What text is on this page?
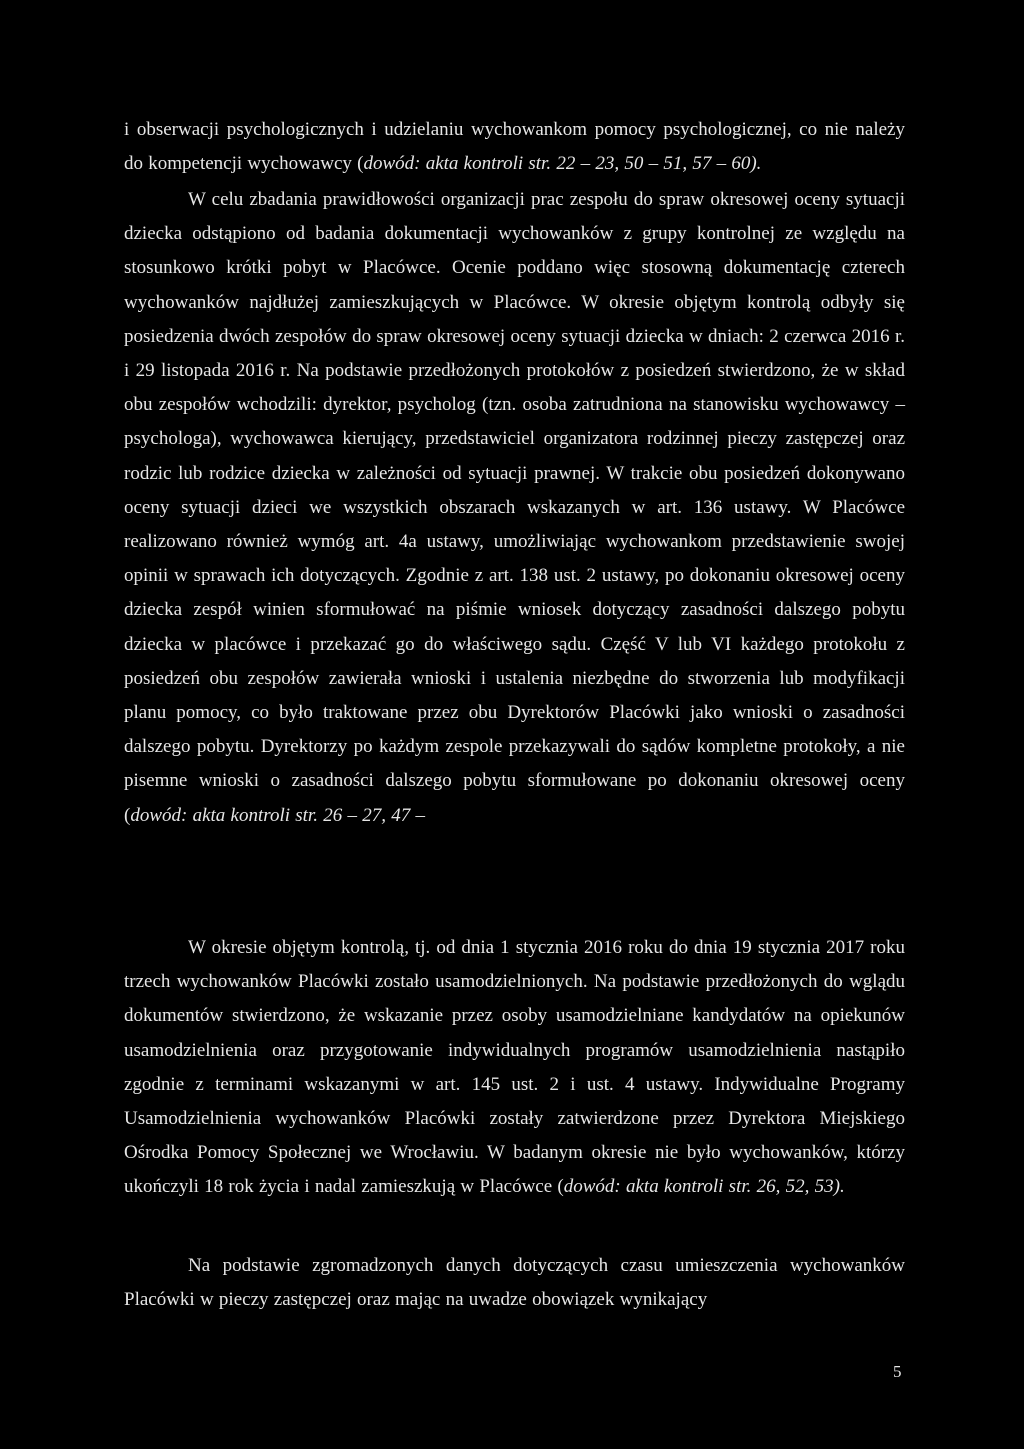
i obserwacji psychologicznych i udzielaniu wychowankom pomocy psychologicznej, co nie należy do kompetencji wychowawcy (dowód: akta kontroli str. 22 – 23, 50 – 51, 57 – 60).

W celu zbadania prawidłowości organizacji prac zespołu do spraw okresowej oceny sytuacji dziecka odstąpiono od badania dokumentacji wychowanków z grupy kontrolnej ze względu na stosunkowo krótki pobyt w Placówce. Ocenie poddano więc stosowną dokumentację czterech wychowanków najdłużej zamieszkujących w Placówce. W okresie objętym kontrolą odbyły się posiedzenia dwóch zespołów do spraw okresowej oceny sytuacji dziecka w dniach: 2 czerwca 2016 r. i 29 listopada 2016 r. Na podstawie przedłożonych protokołów z posiedzeń stwierdzono, że w skład obu zespołów wchodzili: dyrektor, psycholog (tzn. osoba zatrudniona na stanowisku wychowawcy – psychologa), wychowawca kierujący, przedstawiciel organizatora rodzinnej pieczy zastępczej oraz rodzic lub rodzice dziecka w zależności od sytuacji prawnej. W trakcie obu posiedzeń dokonywano oceny sytuacji dzieci we wszystkich obszarach wskazanych w art. 136 ustawy. W Placówce realizowano również wymóg art. 4a ustawy, umożliwiając wychowankom przedstawienie swojej opinii w sprawach ich dotyczących. Zgodnie z art. 138 ust. 2 ustawy, po dokonaniu okresowej oceny dziecka zespół winien sformułować na piśmie wniosek dotyczący zasadności dalszego pobytu dziecka w placówce i przekazać go do właściwego sądu. Część V lub VI każdego protokołu z posiedzeń obu zespołów zawierała wnioski i ustalenia niezbędne do stworzenia lub modyfikacji planu pomocy, co było traktowane przez obu Dyrektorów Placówki jako wnioski o zasadności dalszego pobytu. Dyrektorzy po każdym zespole przekazywali do sądów kompletne protokoły, a nie pisemne wnioski o zasadności dalszego pobytu sformułowane po dokonaniu okresowej oceny (dowód: akta kontroli str. 26 – 27, 47 –

W okresie objętym kontrolą, tj. od dnia 1 stycznia 2016 roku do dnia 19 stycznia 2017 roku trzech wychowanków Placówki zostało usamodzielnionych. Na podstawie przedłożonych do wglądu dokumentów stwierdzono, że wskazanie przez osoby usamodzielniane kandydatów na opiekunów usamodzielnienia oraz przygotowanie indywidualnych programów usamodzielnienia nastąpiło zgodnie z terminami wskazanymi w art. 145 ust. 2 i ust. 4 ustawy. Indywidualne Programy Usamodzielnienia wychowanków Placówki zostały zatwierdzone przez Dyrektora Miejskiego Ośrodka Pomocy Społecznej we Wrocławiu. W badanym okresie nie było wychowanków, którzy ukończyli 18 rok życia i nadal zamieszkują w Placówce (dowód: akta kontroli str. 26, 52, 53).

Na podstawie zgromadzonych danych dotyczących czasu umieszczenia wychowanków Placówki w pieczy zastępczej oraz mając na uwadze obowiązek wynikający

5
